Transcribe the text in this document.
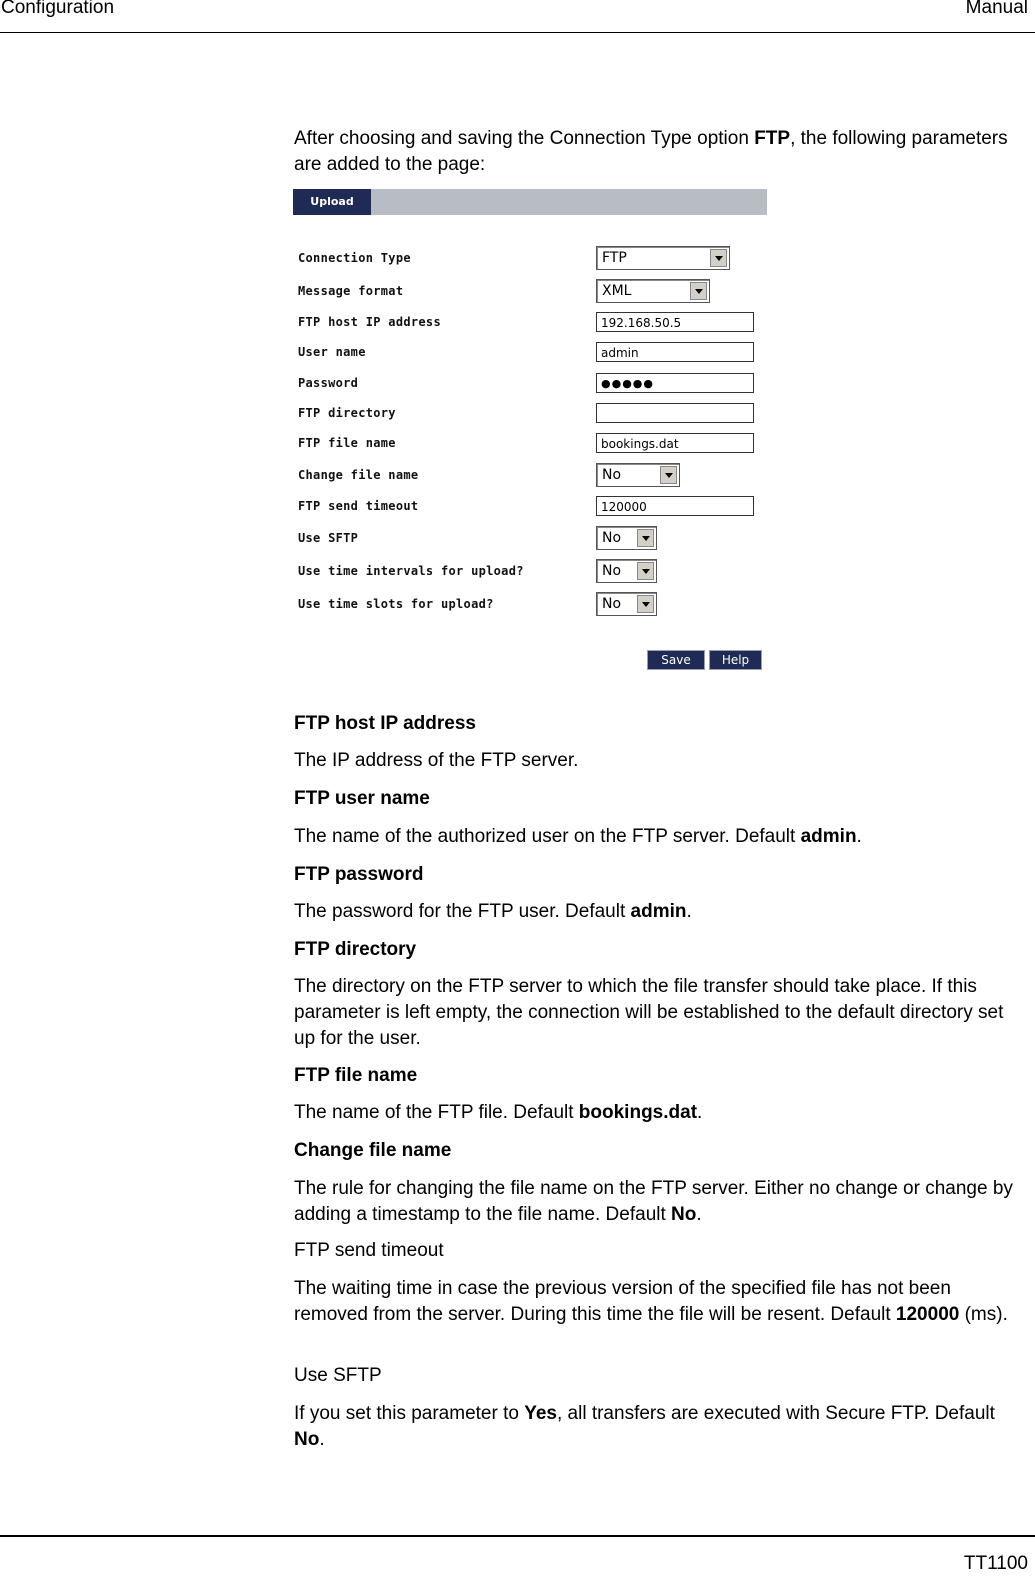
Configuration	Manual
After choosing and saving the Connection Type option FTP, the following parameters are added to the page:
Upload
Connection Type	FTP
Message format	XML
FTP host IP address	192.168.50.5
User name	admin
Password	●●●●●
FTP directory
FTP file name	bookings.dat
Change file name	No
FTP send timeout	120000
Use SFTP	No
Use time intervals for upload?	No
Use time slots for upload?	No
Save	Help
FTP host IP address
The IP address of the FTP server.
FTP user name
The name of the authorized user on the FTP server. Default admin.
FTP password
The password for the FTP user. Default admin.
FTP directory
The directory on the FTP server to which the file transfer should take place. If this parameter is left empty, the connection will be established to the default directory set up for the user.
FTP file name
The name of the FTP file. Default bookings.dat.
Change file name
The rule for changing the file name on the FTP server. Either no change or change by adding a timestamp to the file name. Default No.
FTP send timeout
The waiting time in case the previous version of the specified file has not been removed from the server. During this time the file will be resent. Default 120000 (ms).
Use SFTP
If you set this parameter to Yes, all transfers are executed with Secure FTP. Default No.
TT1100
